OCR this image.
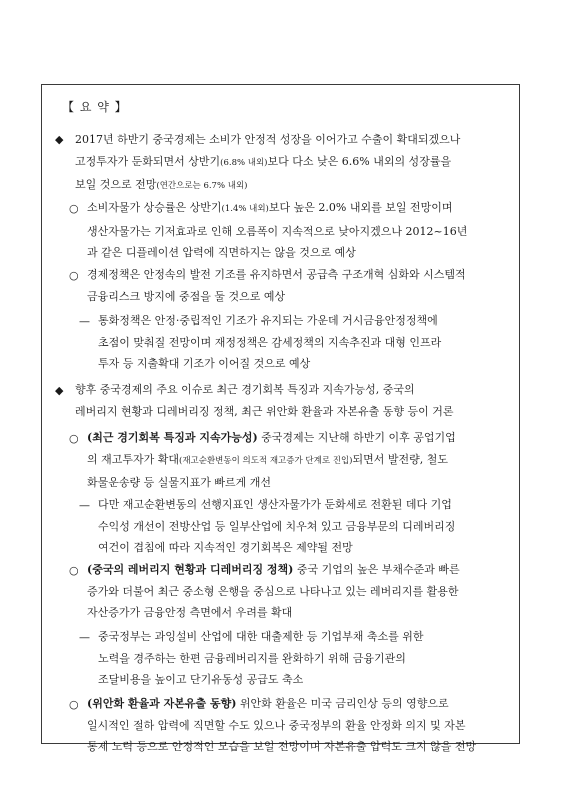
【 요 약 】
◆ 2017년 하반기 중국경제는 소비가 안정적 성장을 이어가고 수출이 확대되겠으나
고정투자가 둔화되면서 상반기(6.8% 내외)보다 다소 낮은 6.6% 내외의 성장률을
보일 것으로 전망(연간으로는 6.7% 내외)
○ 소비자물가 상승률은 상반기(1.4% 내외)보다 높은 2.0% 내외를 보일 전망이며
생산자물가는 기저효과로 인해 오름폭이 지속적으로 낮아지겠으나 2012~16년
과 같은 디플레이션 압력에 직면하지는 않을 것으로 예상
○ 경제정책은 안정속의 발전 기조를 유지하면서 공급측 구조개혁 심화와 시스템적
금융리스크 방지에 중점을 둘 것으로 예상
— 통화정책은 안정·중립적인 기조가 유지되는 가운데 거시금융안정정책에
초점이 맞춰질 전망이며 재정정책은 감세정책의 지속추진과 대형 인프라
투자 등 지출확대 기조가 이어질 것으로 예상
◆ 향후 중국경제의 주요 이슈로 최근 경기회복 특징과 지속가능성, 중국의
레버리지 현황과 디레버리징 정책, 최근 위안화 환율과 자본유출 동향 등이 거론
○ (최근 경기회복 특징과 지속가능성) 중국경제는 지난해 하반기 이후 공업기업
의 재고투자가 확대(재고순환변동이 의도적 재고증가 단계로 진입)되면서 발전량, 철도
화물운송량 등 실물지표가 빠르게 개선
— 다만 재고순환변동의 선행지표인 생산자물가가 둔화세로 전환된 데다 기업
수익성 개선이 전방산업 등 일부산업에 치우쳐 있고 금융부문의 디레버리징
여건이 겹침에 따라 지속적인 경기회복은 제약될 전망
○ (중국의 레버리지 현황과 디레버리징 정책) 중국 기업의 높은 부채수준과 빠른
증가와 더불어 최근 중소형 은행을 중심으로 나타나고 있는 레버리지를 활용한
자산증가가 금융안정 측면에서 우려를 확대
— 중국정부는 과잉설비 산업에 대한 대출제한 등 기업부채 축소를 위한
노력을 경주하는 한편 금융레버리지를 완화하기 위해 금융기관의
조달비용을 높이고 단기유동성 공급도 축소
○ (위안화 환율과 자본유출 동향) 위안화 환율은 미국 금리인상 등의 영향으로
일시적인 절하 압력에 직면할 수도 있으나 중국정부의 환율 안정화 의지 및 자본
통제 노력 등으로 안정적인 모습을 보일 전망이며 자본유출 압력도 크지 않을 전망
